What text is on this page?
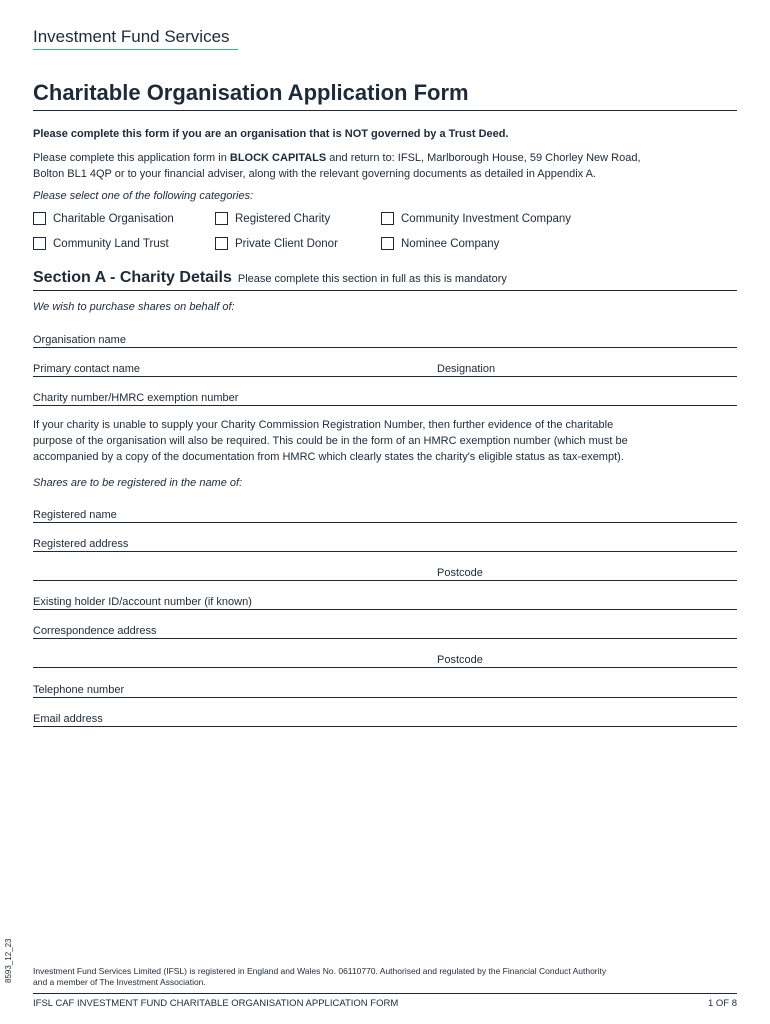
Investment Fund Services
Charitable Organisation Application Form
Please complete this form if you are an organisation that is NOT governed by a Trust Deed.
Please complete this application form in BLOCK CAPITALS and return to: IFSL, Marlborough House, 59 Chorley New Road,
Bolton BL1 4QP or to your financial adviser, along with the relevant governing documents as detailed in Appendix A.
Please select one of the following categories:
Charitable Organisation	Registered Charity	Community Investment Company
Community Land Trust	Private Client Donor	Nominee Company
Section A - Charity Details Please complete this section in full as this is mandatory
We wish to purchase shares on behalf of:
Organisation name
Primary contact name	Designation
Charity number/HMRC exemption number
If your charity is unable to supply your Charity Commission Registration Number, then further evidence of the charitable
purpose of the organisation will also be required. This could be in the form of an HMRC exemption number (which must be
accompanied by a copy of the documentation from HMRC which clearly states the charity's eligible status as tax-exempt).
Shares are to be registered in the name of:
Registered name
Registered address
Postcode
Existing holder ID/account number (if known)
Correspondence address
Postcode
Telephone number
Email address
8593_12_23 Investment Fund Services Limited (IFSL) is registered in England and Wales No. 06110770. Authorised and regulated by the Financial Conduct Authority
and a member of The Investment Association.
IFSL CAF INVESTMENT FUND CHARITABLE ORGANISATION APPLICATION FORM	1 OF 8
